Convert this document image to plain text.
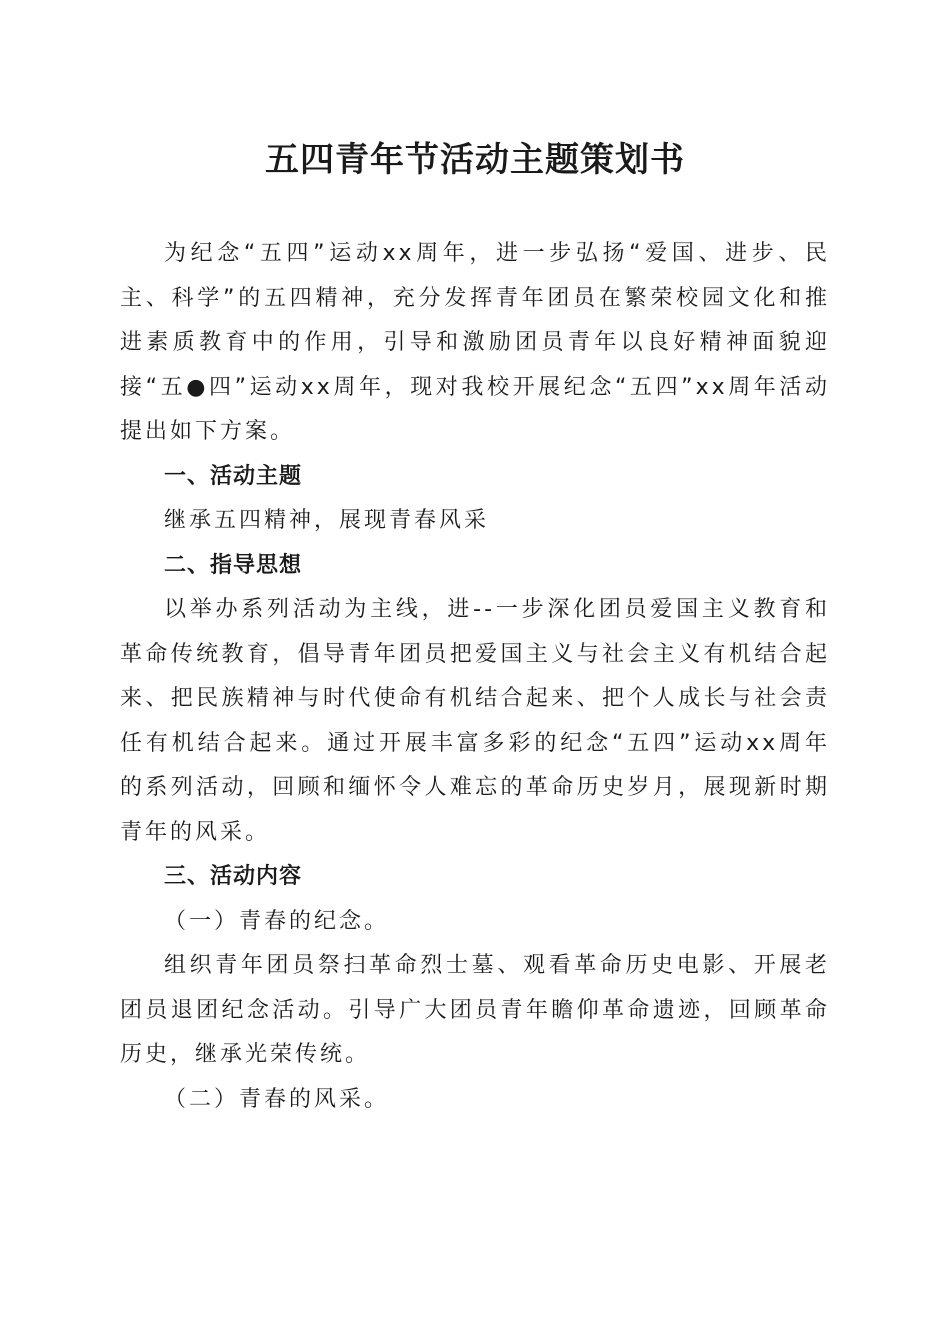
五四青年节活动主题策划书

为纪念“五四”运动xx周年，进一步弘扬“爱国、进步、民主、科学”的五四精神，充分发挥青年团员在繁荣校园文化和推进素质教育中的作用，引导和激励团员青年以良好精神面貌迎接“五●四”运动xx周年，现对我校开展纪念“五四”xx周年活动提出如下方案。

一、活动主题

继承五四精神，展现青春风采

二、指导思想

以举办系列活动为主线，进--一步深化团员爱国主义教育和革命传统教育，倡导青年团员把爱国主义与社会主义有机结合起来、把民族精神与时代使命有机结合起来、把个人成长与社会责任有机结合起来。通过开展丰富多彩的纪念“五四”运动xx周年的系列活动，回顾和缅怀令人难忘的革命历史岁月，展现新时期青年的风采。

三、活动内容

（一）青春的纪念。

组织青年团员祭扫革命烈士墓、观看革命历史电影、开展老团员退团纪念活动。引导广大团员青年瞻仰革命遗迹，回顾革命历史，继承光荣传统。

（二）青春的风采。
